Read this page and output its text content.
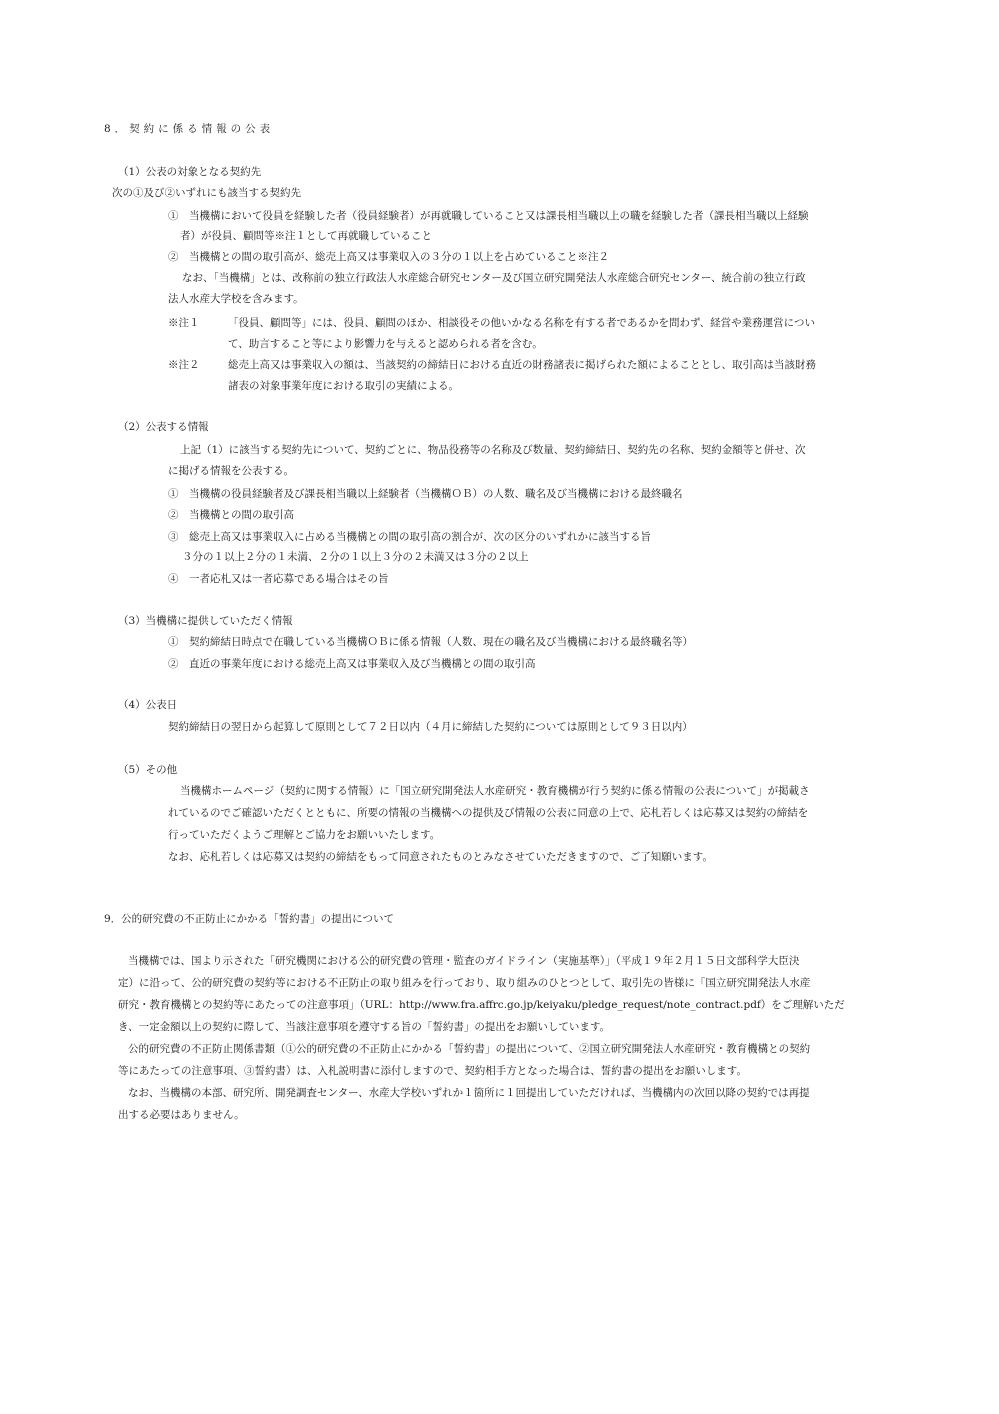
8．契約に係る情報の公表
（1）公表の対象となる契約先
次の①及び②いずれにも該当する契約先
①　当機構において役員を経験した者（役員経験者）が再就職していること又は課長相当職以上の職を経験した者（課長相当職以上経験
者）が役員、顧問等※注１として再就職していること
②　当機構との間の取引高が、総売上高又は事業収入の３分の１以上を占めていること※注２
なお、「当機構」とは、改称前の独立行政法人水産総合研究センター及び国立研究開発法人水産総合研究センター、統合前の独立行政
法人水産大学校を含みます。
※注１	「役員、顧問等」には、役員、顧問のほか、相談役その他いかなる名称を有する者であるかを問わず、経営や業務運営につい
て、助言すること等により影響力を与えると認められる者を含む。
※注２	総売上高又は事業収入の額は、当該契約の締結日における直近の財務諸表に掲げられた額によることとし、取引高は当該財務
諸表の対象事業年度における取引の実績による。
（2）公表する情報
上記（1）に該当する契約先について、契約ごとに、物品役務等の名称及び数量、契約締結日、契約先の名称、契約金額等と併せ、次
に掲げる情報を公表する。
①　当機構の役員経験者及び課長相当職以上経験者（当機構ＯＢ）の人数、職名及び当機構における最終職名
②　当機構との間の取引高
③　総売上高又は事業収入に占める当機構との間の取引高の割合が、次の区分のいずれかに該当する旨
３分の１以上２分の１未満、２分の１以上３分の２未満又は３分の２以上
④　一者応札又は一者応募である場合はその旨
（3）当機構に提供していただく情報
①　契約締結日時点で在職している当機構ＯＢに係る情報（人数、現在の職名及び当機構における最終職名等）
②　直近の事業年度における総売上高又は事業収入及び当機構との間の取引高
（4）公表日
契約締結日の翌日から起算して原則として７２日以内（４月に締結した契約については原則として９３日以内）
（5）その他
当機構ホームページ（契約に関する情報）に「国立研究開発法人水産研究・教育機構が行う契約に係る情報の公表について」が掲載さ
れているのでご確認いただくとともに、所要の情報の当機構への提供及び情報の公表に同意の上で、応札若しくは応募又は契約の締結を
行っていただくようご理解とご協力をお願いいたします。
なお、応札若しくは応募又は契約の締結をもって同意されたものとみなさせていただきますので、ご了知願います。
9．公的研究費の不正防止にかかる「誓約書」の提出について
当機構では、国より示された「研究機関における公的研究費の管理・監査のガイドライン（実施基準）」（平成１９年２月１５日文部科学大臣決
定）に沿って、公的研究費の契約等における不正防止の取り組みを行っており、取り組みのひとつとして、取引先の皆様に「国立研究開発法人水産
研究・教育機構との契約等にあたっての注意事項」（URL：http://www.fra.affrc.go.jp/keiyaku/pledge_request/note_contract.pdf）をご理解いただ
き、一定金額以上の契約に際して、当該注意事項を遵守する旨の「誓約書」の提出をお願いしています。
公的研究費の不正防止関係書類（①公的研究費の不正防止にかかる「誓約書」の提出について、②国立研究開発法人水産研究・教育機構との契約
等にあたっての注意事項、③誓約書）は、入札説明書に添付しますので、契約相手方となった場合は、誓約書の提出をお願いします。
なお、当機構の本部、研究所、開発調査センター、水産大学校いずれか１箇所に１回提出していただければ、当機構内の次回以降の契約では再提
出する必要はありません。
